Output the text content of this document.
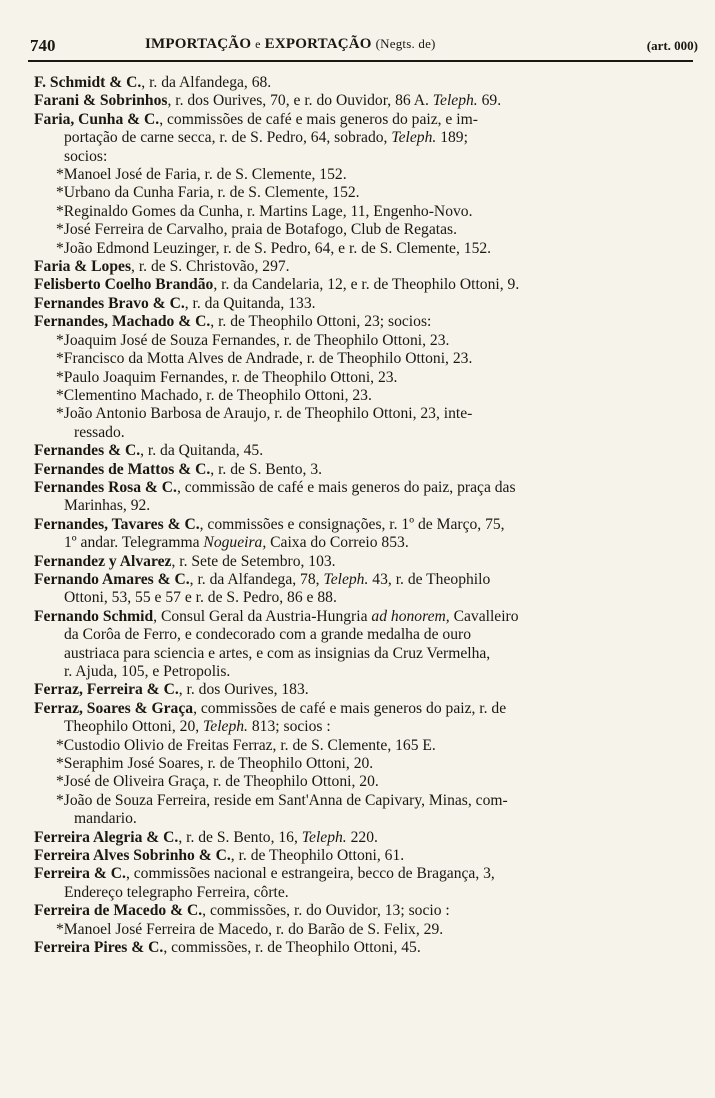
740	IMPORTAÇÃO e EXPORTAÇÃO (Negts. de)	(art. 000)
F. Schmidt & C., r. da Alfandega, 68.
Farani & Sobrinhos, r. dos Ourives, 70, e r. do Ouvidor, 86 A. Teleph. 69.
Faria, Cunha & C., commissões de café e mais generos do paiz, e im-
portação de carne secca, r. de S. Pedro, 64, sobrado, Teleph. 189;
socios:
*Manoel José de Faria, r. de S. Clemente, 152.
*Urbano da Cunha Faria, r. de S. Clemente, 152.
*Reginaldo Gomes da Cunha, r. Martins Lage, 11, Engenho-Novo.
*José Ferreira de Carvalho, praia de Botafogo, Club de Regatas.
*João Edmond Leuzinger, r. de S. Pedro, 64, e r. de S. Clemente, 152.
Faria & Lopes, r. de S. Christovão, 297.
Felisberto Coelho Brandão, r. da Candelaria, 12, e r. de Theophilo Ottoni, 9.
Fernandes Bravo & C., r. da Quitanda, 133.
Fernandes, Machado & C., r. de Theophilo Ottoni, 23; socios:
*Joaquim José de Souza Fernandes, r. de Theophilo Ottoni, 23.
*Francisco da Motta Alves de Andrade, r. de Theophilo Ottoni, 23.
*Paulo Joaquim Fernandes, r. de Theophilo Ottoni, 23.
*Clementino Machado, r. de Theophilo Ottoni, 23.
*João Antonio Barbosa de Araujo, r. de Theophilo Ottoni, 23, inte-
ressado.
Fernandes & C., r. da Quitanda, 45.
Fernandes de Mattos & C., r. de S. Bento, 3.
Fernandes Rosa & C., commissão de café e mais generos do paiz, praça das
Marinhas, 92.
Fernandes, Tavares & C., commissões e consignações, r. 1º de Março, 75,
1º andar. Telegramma Nogueira, Caixa do Correio 853.
Fernandez y Alvarez, r. Sete de Setembro, 103.
Fernando Amares & C., r. da Alfandega, 78, Teleph. 43, r. de Theophilo
Ottoni, 53, 55 e 57 e r. de S. Pedro, 86 e 88.
Fernando Schmid, Consul Geral da Austria-Hungria ad honorem, Cavalleiro
da Corôa de Ferro, e condecorado com a grande medalha de ouro
austriaca para sciencia e artes, e com as insignias da Cruz Vermelha,
r. Ajuda, 105, e Petropolis.
Ferraz, Ferreira & C., r. dos Ourives, 183.
Ferraz, Soares & Graça, commissões de café e mais generos do paiz, r. de
Theophilo Ottoni, 20, Teleph. 813; socios :
*Custodio Olivio de Freitas Ferraz, r. de S. Clemente, 165 E.
*Seraphim José Soares, r. de Theophilo Ottoni, 20.
*José de Oliveira Graça, r. de Theophilo Ottoni, 20.
*João de Souza Ferreira, reside em Sant'Anna de Capivary, Minas, com-
mandario.
Ferreira Alegria & C., r. de S. Bento, 16, Teleph. 220.
Ferreira Alves Sobrinho & C., r. de Theophilo Ottoni, 61.
Ferreira & C., commissões nacional e estrangeira, becco de Bragança, 3,
Endereço telegrapho Ferreira, côrte.
Ferreira de Macedo & C., commissões, r. do Ouvidor, 13; socio :
*Manoel José Ferreira de Macedo, r. do Barão de S. Felix, 29.
Ferreira Pires & C., commissões, r. de Theophilo Ottoni, 45.
